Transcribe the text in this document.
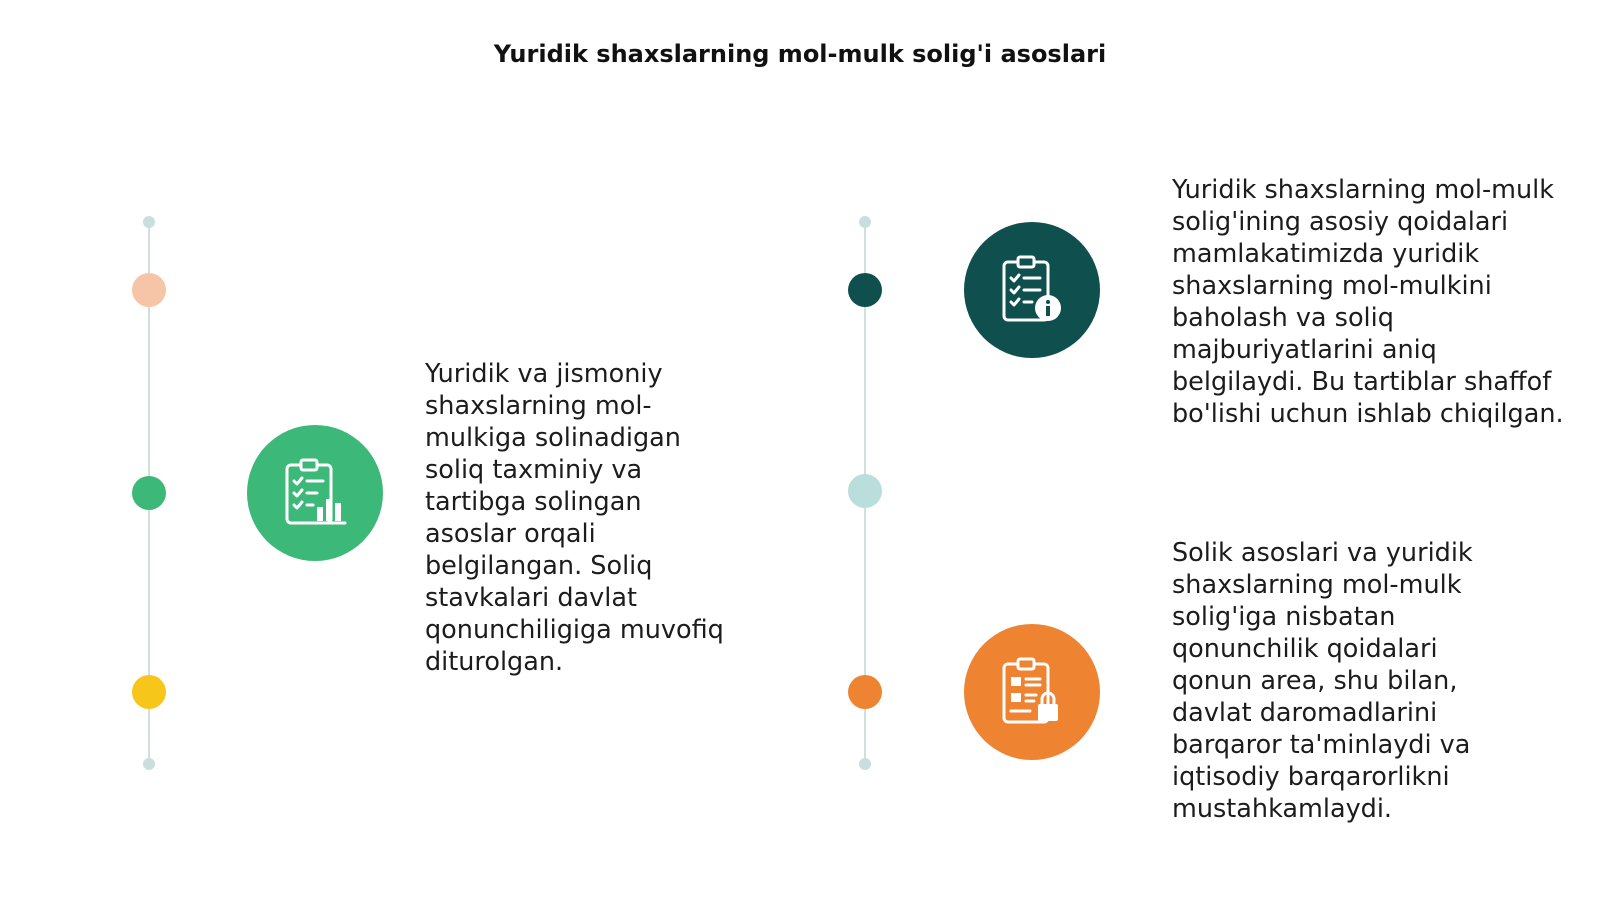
Yuridik shaxslarning mol-mulk solig'i asoslari
Yuridik va jismoniy shaxslarning mol-mulkiga solinadigan soliq taxminiy va tartibga solingan asoslar orqali belgilangan. Soliq stavkalari davlat qonunchiligiga muvofiq diturolgan.
Yuridik shaxslarning mol-mulk solig'ining asosiy qoidalari mamlakatimizda yuridik shaxslarning mol-mulkini baholash va soliq majburiyatlarini aniq belgilaydi. Bu tartiblar shaffof bo'lishi uchun ishlab chiqilgan.
Solik asoslari va yuridik shaxslarning mol-mulk solig'iga nisbatan qonunchilik qoidalari qonun area, shu bilan, davlat daromadlarini barqaror ta'minlaydi va iqtisodiy barqarorlikni mustahkamlaydi.
